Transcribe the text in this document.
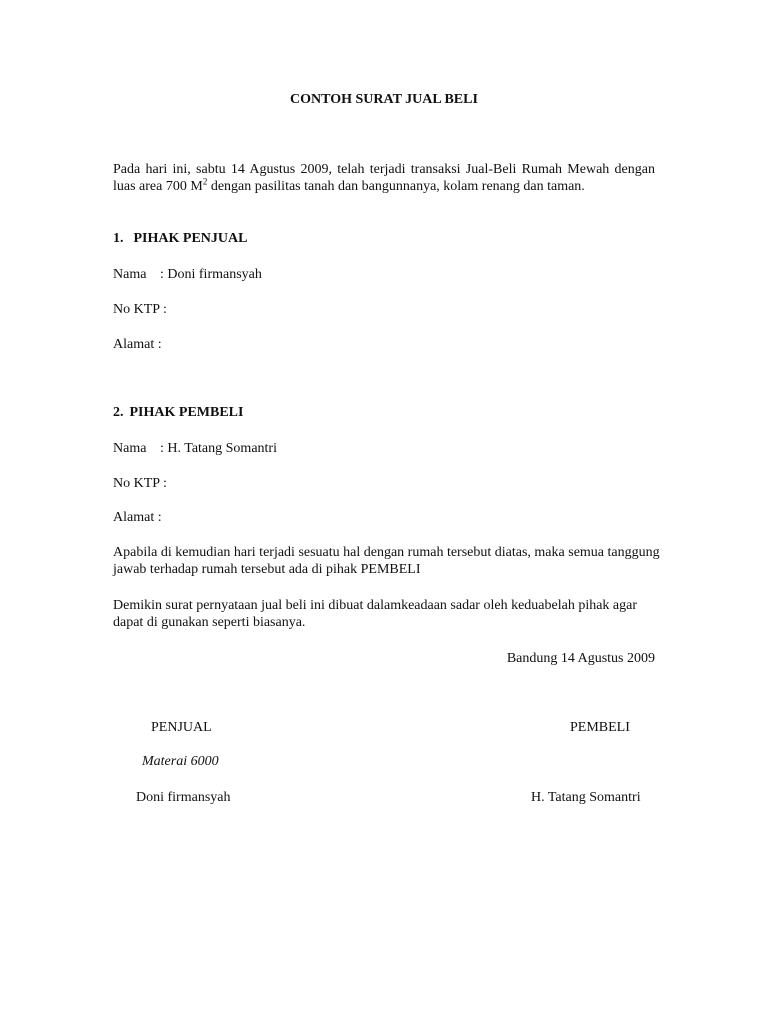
CONTOH SURAT JUAL BELI

Pada hari ini, sabtu 14 Agustus 2009, telah terjadi transaksi Jual-Beli Rumah Mewah dengan luas area 700 $M^2$ dengan pasilitas tanah dan bangunnanya, kolam renang dan taman.

1. PIHAK PENJUAL

Nama : Doni firmansyah

No KTP :

Alamat :

2. PIHAK PEMBELI

Nama : H. Tatang Somantri

No KTP :

Alamat :

Apabila di kemudian hari terjadi sesuatu hal dengan rumah tersebut diatas, maka semua tanggung jawab terhadap rumah tersebut ada di pihak PEMBELI

Demikin surat pernyataan jual beli ini dibuat dalamkeadaan sadar oleh keduabelah pihak agar dapat di gunakan seperti biasanya.

Bandung 14 Agustus 2009

PENJUAL	PEMBELI

Materai 6000

Doni firmansyah	H. Tatang Somantri
